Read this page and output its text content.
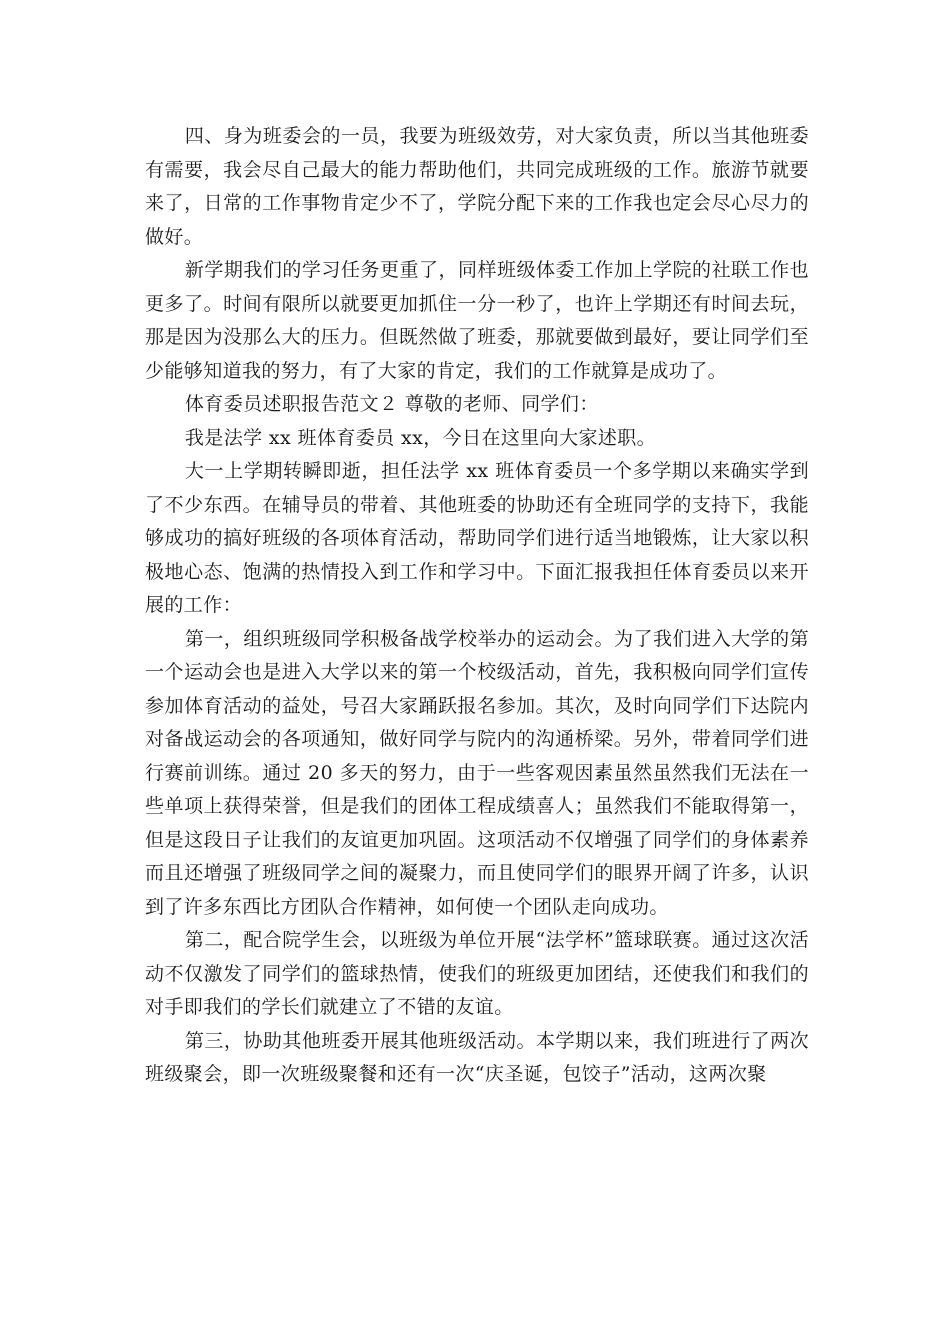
四、身为班委会的一员，我要为班级效劳，对大家负责，所以当其他班委有需要，我会尽自己最大的能力帮助他们，共同完成班级的工作。旅游节就要来了，日常的工作事物肯定少不了，学院分配下来的工作我也定会尽心尽力的做好。

新学期我们的学习任务更重了，同样班级体委工作加上学院的社联工作也更多了。时间有限所以就要更加抓住一分一秒了，也许上学期还有时间去玩，那是因为没那么大的压力。但既然做了班委，那就要做到最好，要让同学们至少能够知道我的努力，有了大家的肯定，我们的工作就算是成功了。

体育委员述职报告范文２ 尊敬的老师、同学们：

我是法学 xx 班体育委员 xx，今日在这里向大家述职。

大一上学期转瞬即逝，担任法学 xx 班体育委员一个多学期以来确实学到了不少东西。在辅导员的带着、其他班委的协助还有全班同学的支持下，我能够成功的搞好班级的各项体育活动，帮助同学们进行适当地锻炼，让大家以积极地心态、饱满的热情投入到工作和学习中。下面汇报我担任体育委员以来开展的工作：

第一，组织班级同学积极备战学校举办的运动会。为了我们进入大学的第一个运动会也是进入大学以来的第一个校级活动，首先，我积极向同学们宣传参加体育活动的益处，号召大家踊跃报名参加。其次，及时向同学们下达院内对备战运动会的各项通知，做好同学与院内的沟通桥梁。另外，带着同学们进行赛前训练。通过 20 多天的努力，由于一些客观因素虽然虽然我们无法在一些单项上获得荣誉，但是我们的团体工程成绩喜人；虽然我们不能取得第一，但是这段日子让我们的友谊更加巩固。这项活动不仅增强了同学们的身体素养而且还增强了班级同学之间的凝聚力，而且使同学们的眼界开阔了许多，认识到了许多东西比方团队合作精神，如何使一个团队走向成功。

第二，配合院学生会，以班级为单位开展“法学杯”篮球联赛。通过这次活动不仅激发了同学们的篮球热情，使我们的班级更加团结，还使我们和我们的对手即我们的学长们就建立了不错的友谊。

第三，协助其他班委开展其他班级活动。本学期以来，我们班进行了两次班级聚会，即一次班级聚餐和还有一次“庆圣诞，包饺子”活动，这两次聚
